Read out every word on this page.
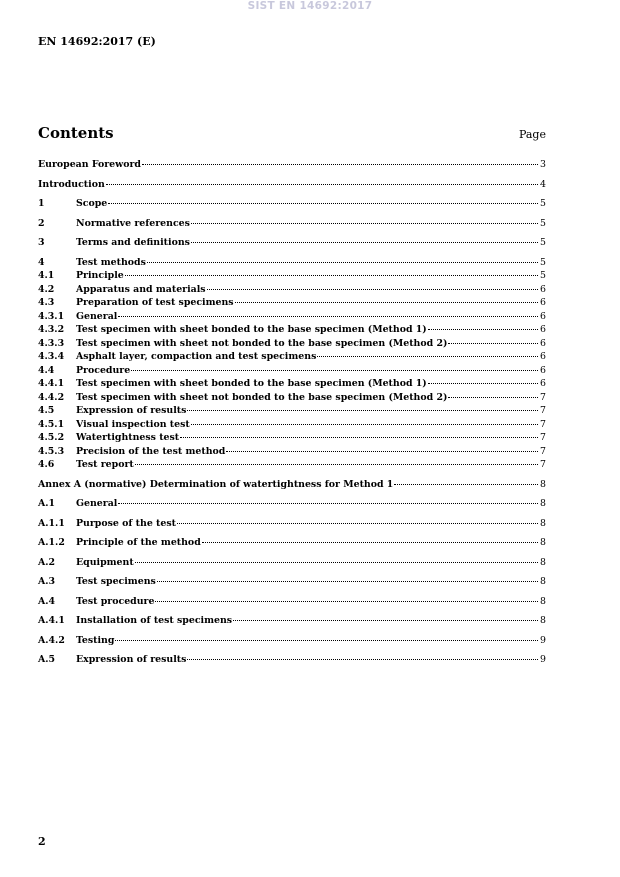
SIST EN 14692:2017
EN 14692:2017 (E)
Contents	Page
European Foreword	3
Introduction	4
1	Scope	5
2	Normative references	5
3	Terms and definitions	5
4	Test methods	5
4.1	Principle	5
4.2	Apparatus and materials	6
4.3	Preparation of test specimens	6
4.3.1	General	6
4.3.2	Test specimen with sheet bonded to the base specimen (Method 1)	6
4.3.3	Test specimen with sheet not bonded to the base specimen (Method 2)	6
4.3.4	Asphalt layer, compaction and test specimens	6
4.4	Procedure	6
4.4.1	Test specimen with sheet bonded to the base specimen (Method 1)	6
4.4.2	Test specimen with sheet not bonded to the base specimen (Method 2)	7
4.5	Expression of results	7
4.5.1	Visual inspection test	7
4.5.2	Watertightness test	7
4.5.3	Precision of the test method	7
4.6	Test report	7
Annex A (normative) Determination of watertightness for Method 1	8
A.1	General	8
A.1.1	Purpose of the test	8
A.1.2	Principle of the method	8
A.2	Equipment	8
A.3	Test specimens	8
A.4	Test procedure	8
A.4.1	Installation of test specimens	8
A.4.2	Testing	9
A.5	Expression of results	9
2
